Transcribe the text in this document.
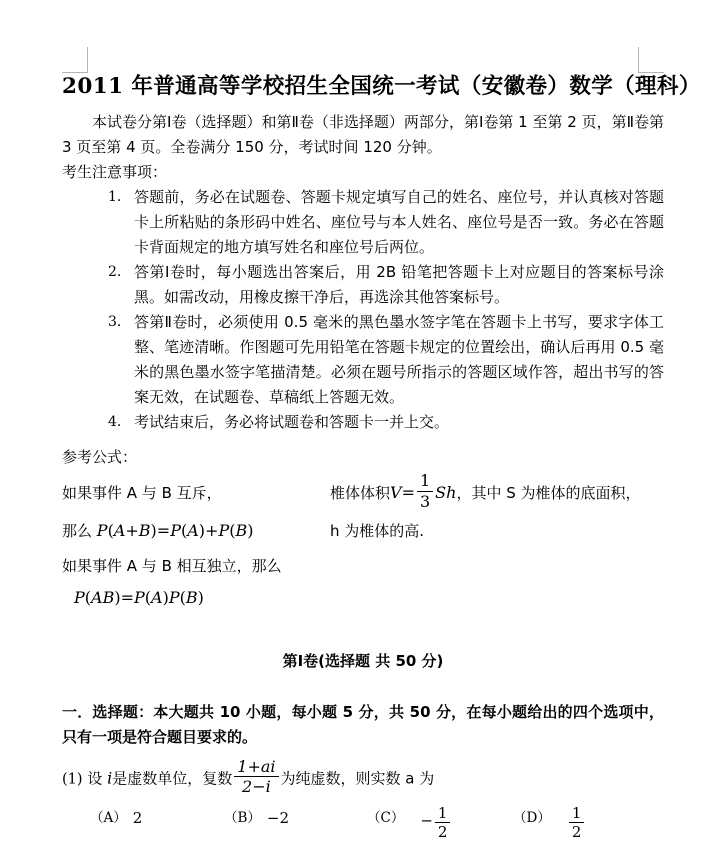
2011 年普通高等学校招生全国统一考试（安徽卷）数学（理科）

本试卷分第Ⅰ卷（选择题）和第Ⅱ卷（非选择题）两部分，第Ⅰ卷第 1 至第 2 页，第Ⅱ卷第 3 页至第 4 页。全卷满分 150 分，考试时间 120 分钟。

考生注意事项：

1． 答题前，务必在试题卷、答题卡规定填写自己的姓名、座位号，并认真核对答题卡上所粘贴的条形码中姓名、座位号与本人姓名、座位号是否一致。务必在答题卡背面规定的地方填写姓名和座位号后两位。
2． 答第Ⅰ卷时，每小题选出答案后，用 2B 铅笔把答题卡上对应题目的答案标号涂黑。如需改动，用橡皮擦干净后，再选涂其他答案标号。
3． 答第Ⅱ卷时，必须使用 0.5 毫米的黑色墨水签字笔在答题卡上书写，要求字体工整、笔迹清晰。作图题可先用铅笔在答题卡规定的位置绘出，确认后再用 0.5 毫米的黑色墨水签字笔描清楚。必须在题号所指示的答题区域作答，超出书写的答案无效，在试题卷、草稿纸上答题无效。
4． 考试结束后，务必将试题卷和答题卡一并上交。

参考公式：

如果事件 A 与 B 互斥，	椎体体积$V= \frac{1}{3}$ Sh，其中 S 为椎体的底面积，
那么 P(A+B)=P(A)+P(B)	h 为椎体的高.
如果事件 A 与 B 相互独立，那么
P(AB)=P(A)P(B)
第Ⅰ卷(选择题 共 50 分)

一．选择题：本大题共 10 小题，每小题 5 分，共 50 分，在每小题给出的四个选项中，只有一项是符合题目要求的。

(1) 设 i是虚数单位，复数 $\frac{1+ai}{2-i}$ 为纯虚数，则实数 a 为

（A） 2	（B） −2	（C）	− $\frac{1}{2}$	$(D) \frac{1}{2}$
